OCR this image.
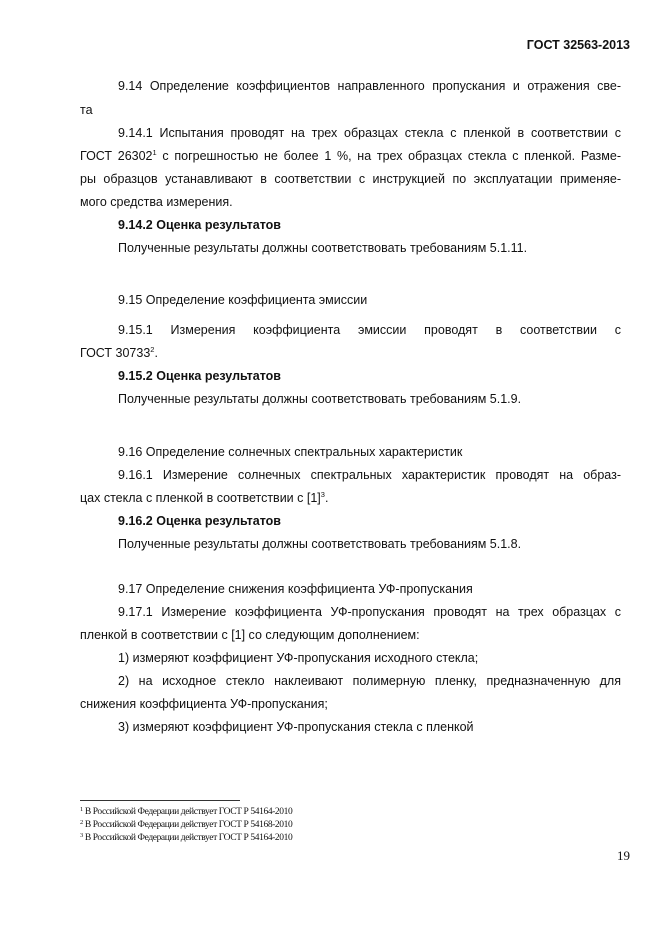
ГОСТ 32563-2013
9.14 Определение коэффициентов направленного пропускания и отражения све-
та
9.14.1 Испытания проводят на трех образцах стекла с пленкой в соответствии с
ГОСТ 26302$^1$ с погрешностью не более 1 %, на трех образцах стекла с пленкой. Разме-
ры образцов устанавливают в соответствии с инструкцией по эксплуатации применяе-
мого средства измерения.
9.14.2 Оценка результатов
Полученные результаты должны соответствовать требованиям 5.1.11.
9.15 Определение коэффициента эмиссии
9.15.1 Измерения коэффициента эмиссии проводят в соответствии с
ГОСТ 30733$^2$.
9.15.2 Оценка результатов
Полученные результаты должны соответствовать требованиям 5.1.9.
9.16 Определение солнечных спектральных характеристик
9.16.1 Измерение солнечных спектральных характеристик проводят на образ-
цах стекла с пленкой в соответствии с $[1]^3$.
9.16.2 Оценка результатов
Полученные результаты должны соответствовать требованиям 5.1.8.
9.17 Определение снижения коэффициента УФ-пропускания
9.17.1 Измерение коэффициента УФ-пропускания проводят на трех образцах с
пленкой в соответствии с [1] со следующим дополнением:
1) измеряют коэффициент УФ-пропускания исходного стекла;
2) на исходное стекло наклеивают полимерную пленку, предназначенную для
снижения коэффициента УФ-пропускания;
3) измеряют коэффициент УФ-пропускания стекла с пленкой
$^1$ В Российской Федерации действует ГОСТ Р 54164-2010
$^2$ В Российской Федерации действует ГОСТ Р 54168-2010
$^3$ В Российской Федерации действует ГОСТ Р 54164-2010
19
